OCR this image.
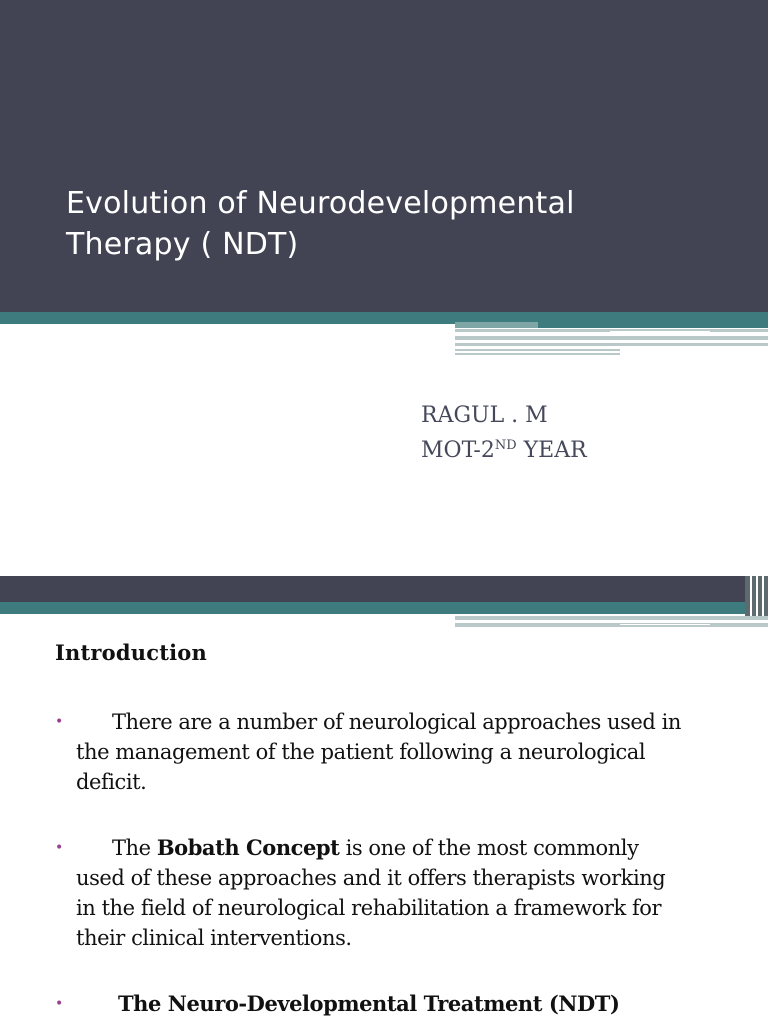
Evolution of Neurodevelopmental
Therapy ( NDT)
RAGUL . M
MOT-2ND YEAR
Introduction
•	There are a number of neurological approaches used in
the management of the patient following a neurological
deficit.
•	The Bobath Concept is one of the most commonly
used of these approaches and it offers therapists working
in the field of neurological rehabilitation a framework for
their clinical interventions.
•	The Neuro-Developmental Treatment (NDT)
